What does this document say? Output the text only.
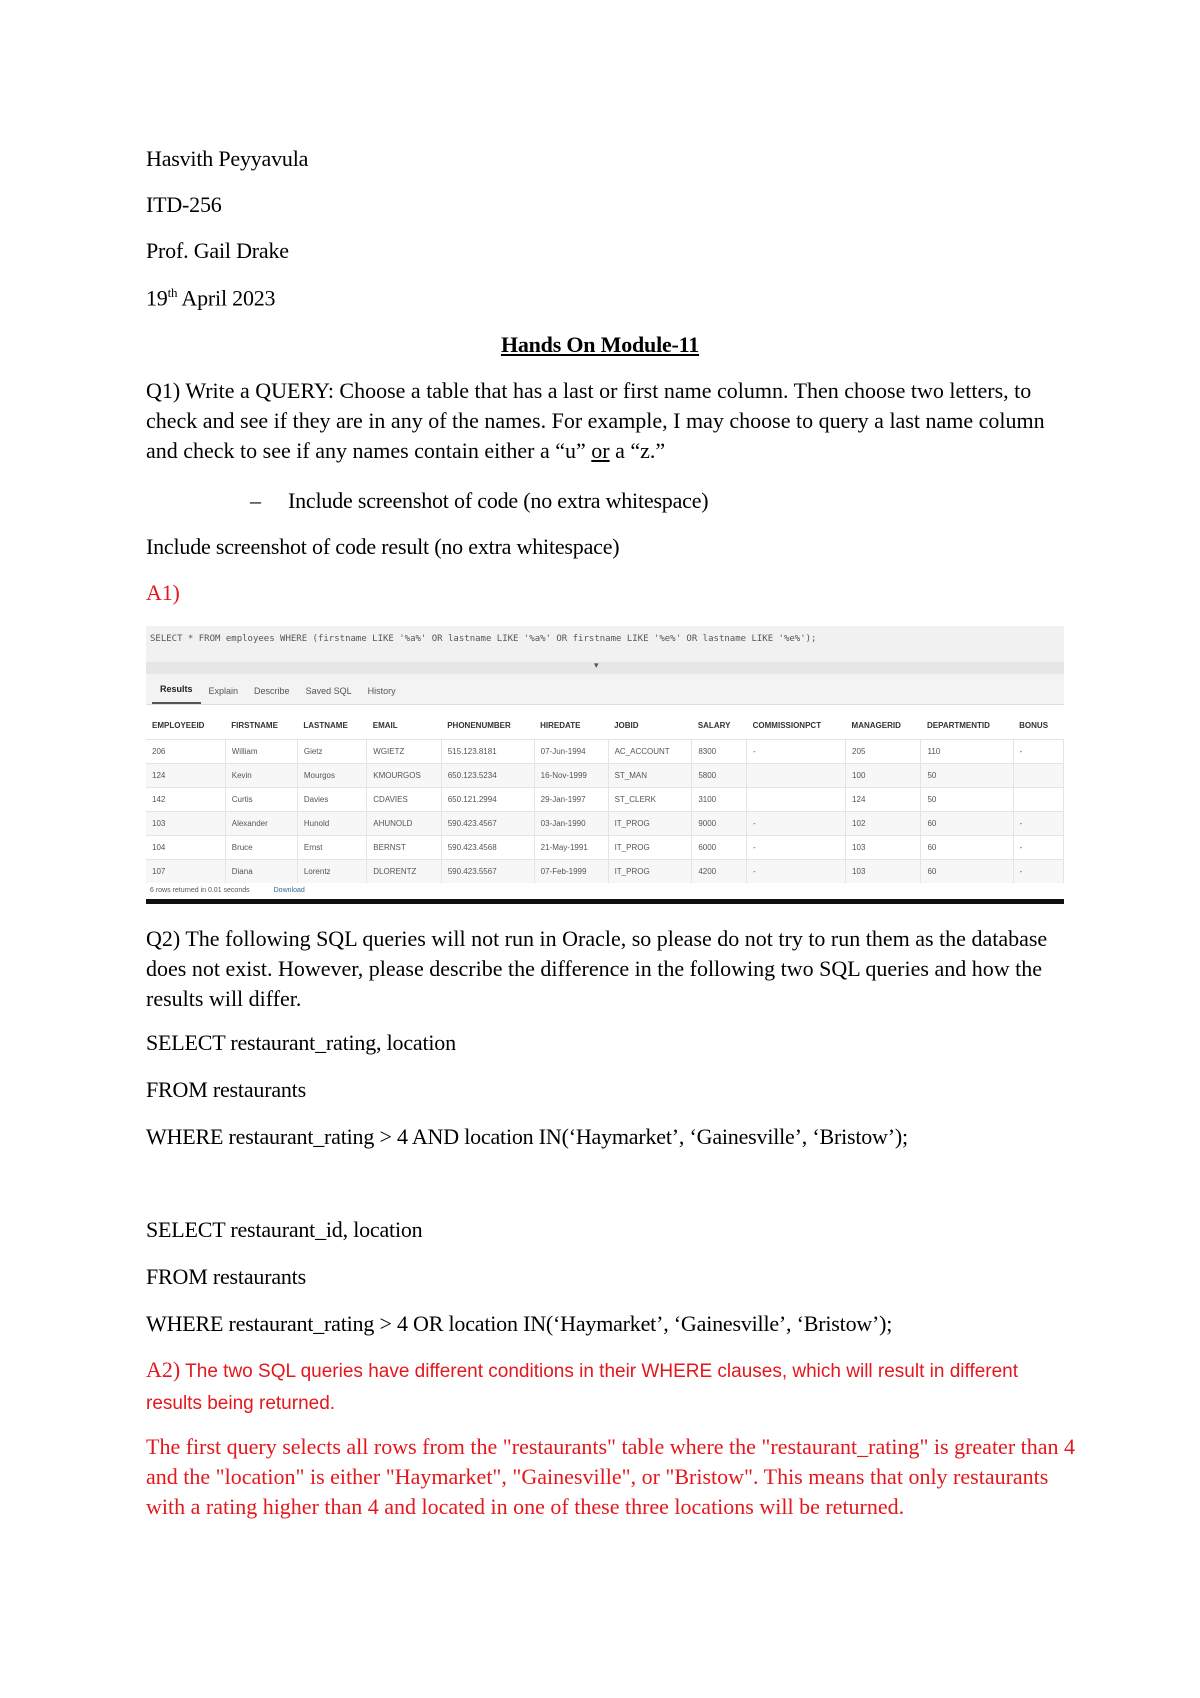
Hasvith Peyyavula
ITD-256
Prof. Gail Drake
19th April 2023
Hands On Module-11
Q1) Write a QUERY: Choose a table that has a last or first name column. Then choose two letters, to check and see if they are in any of the names. For example, I may choose to query a last name column and check to see if any names contain either a “u” or a “z.”
– Include screenshot of code (no extra whitespace)
Include screenshot of code result (no extra whitespace)
A1)
SELECT * FROM employees WHERE (firstname LIKE '%a%' OR lastname LIKE '%a%' OR firstname LIKE '%e%' OR lastname LIKE '%e%');
▾
Results	Explain	Describe	Saved SQL	History
EMPLOYEEID	FIRSTNAME	LASTNAME	EMAIL	PHONENUMBER	HIREDATE	JOBID	SALARY	COMMISSIONPCT	MANAGERID	DEPARTMENTID	BONUS
206	William	Gietz	WGIETZ	515.123.8181	07-Jun-1994	AC_ACCOUNT	8300	-	205	110	-
124	Kevin	Mourgos	KMOURGOS	650.123.5234	16-Nov-1999	ST_MAN	5800		100	50	
142	Curtis	Davies	CDAVIES	650.121.2994	29-Jan-1997	ST_CLERK	3100		124	50	
103	Alexander	Hunold	AHUNOLD	590.423.4567	03-Jan-1990	IT_PROG	9000	-	102	60	-
104	Bruce	Ernst	BERNST	590.423.4568	21-May-1991	IT_PROG	6000	-	103	60	-
107	Diana	Lorentz	DLORENTZ	590.423.5567	07-Feb-1999	IT_PROG	4200	-	103	60	-
6 rows returned in 0.01 seconds	Download
Q2) The following SQL queries will not run in Oracle, so please do not try to run them as the database does not exist. However, please describe the difference in the following two SQL queries and how the results will differ.
SELECT restaurant_rating, location
FROM restaurants
WHERE restaurant_rating > 4 AND location IN(‘Haymarket’, ‘Gainesville’, ‘Bristow’);
SELECT restaurant_id, location
FROM restaurants
WHERE restaurant_rating > 4 OR location IN(‘Haymarket’, ‘Gainesville’, ‘Bristow’);
A2) The two SQL queries have different conditions in their WHERE clauses, which will result in different results being returned.
The first query selects all rows from the "restaurants" table where the "restaurant_rating" is greater than 4 and the "location" is either "Haymarket", "Gainesville", or "Bristow". This means that only restaurants with a rating higher than 4 and located in one of these three locations will be returned.
